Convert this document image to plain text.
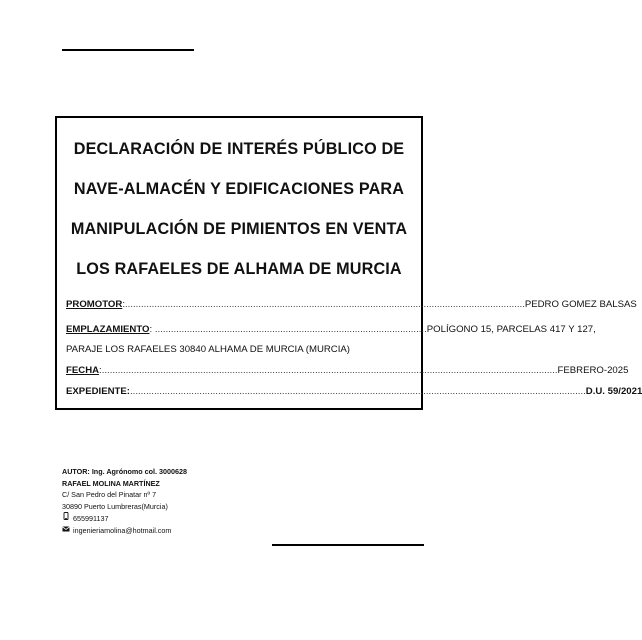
DECLARACIÓN DE INTERÉS PÚBLICO DE
NAVE-ALMACÉN Y EDIFICACIONES PARA
MANIPULACIÓN DE PIMIENTOS EN VENTA
LOS RAFAELES DE ALHAMA DE MURCIA
PROMOTOR : ...................................................................................................................................................... PEDRO GOMEZ BALSAS
EMPLAZAMIENTO : ...................................................................................................... POLÍGONO 15, PARCELAS 417 Y 127,
PARAJE LOS RAFAELES 30840 ALHAMA DE MURCIA (MURCIA)
FECHA : ........................................................................................................................................................................... FEBRERO-2025
EXPEDIENTE: ........................................................................................................................................................................... D.U. 59/2021
AUTOR: Ing. Agrónomo col. 3000628
RAFAEL MOLINA MARTÍNEZ
C/ San Pedro del Pinatar nº 7
30890 Puerto Lumbreras(Murcia)
655991137
ingenieriamolina@hotmail.com
